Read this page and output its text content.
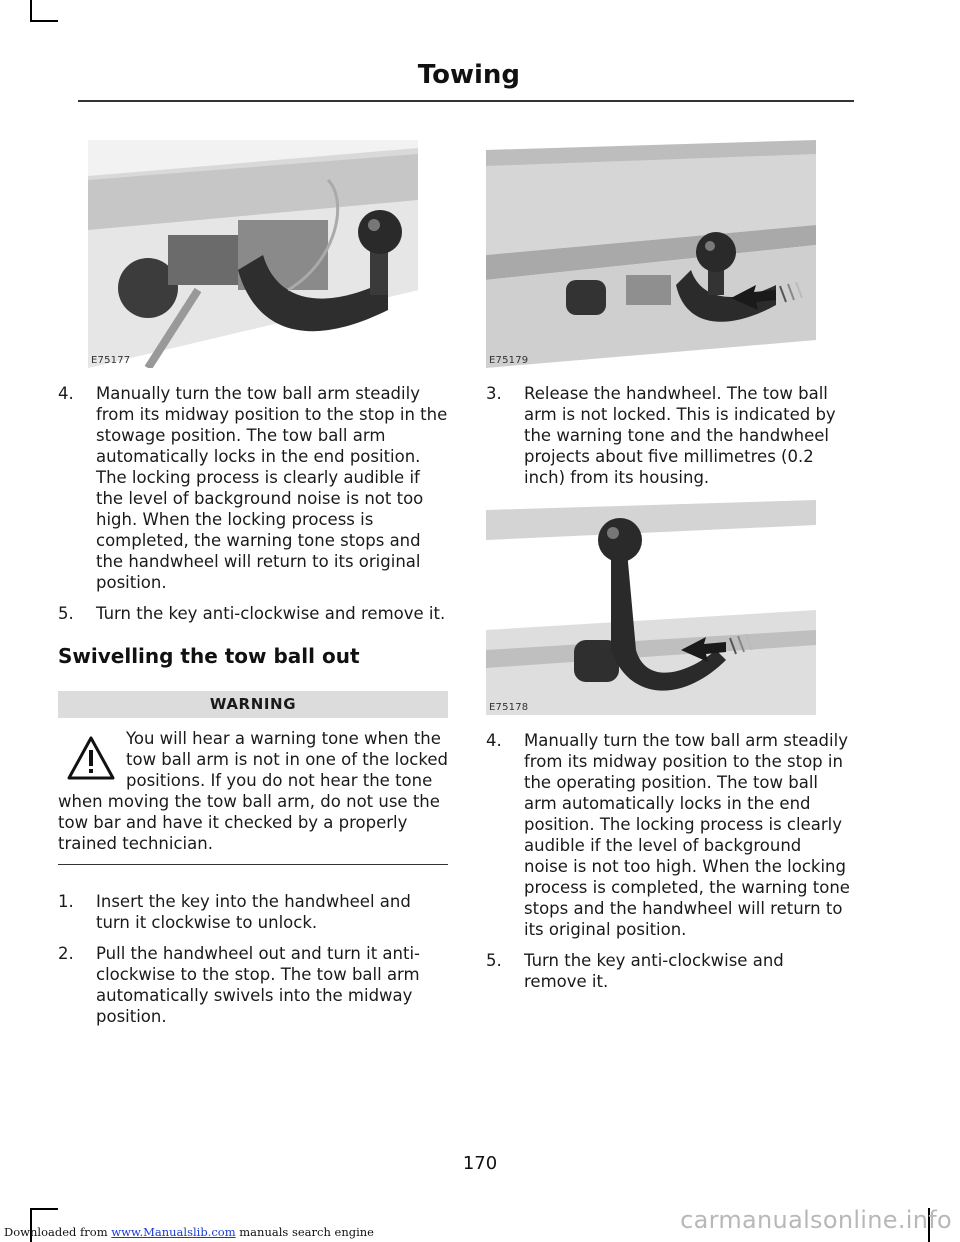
Towing
E75177	E75179
E75178
4. Manually turn the tow ball arm steadily from its midway position to the stop in the stowage position. The tow ball arm automatically locks in the end position. The locking process is clearly audible if the level of background noise is not too high. When the locking process is completed, the warning tone stops and the handwheel will return to its original position.
5. Turn the key anti-clockwise and remove it.
Swivelling the tow ball out
WARNING

You will hear a warning tone when the tow ball arm is not in one of the locked positions. If you do not hear the tone when moving the tow ball arm, do not use the tow bar and have it checked by a properly trained technician.

1. Insert the key into the handwheel and turn it clockwise to unlock.
2. Pull the handwheel out and turn it anti-clockwise to the stop. The tow ball arm automatically swivels into the midway position.
3. Release the handwheel. The tow ball arm is not locked. This is indicated by the warning tone and the handwheel projects about five millimetres (0.2 inch) from its housing.
4. Manually turn the tow ball arm steadily from its midway position to the stop in the operating position. The tow ball arm automatically locks in the end position. The locking process is clearly audible if the level of background noise is not too high. When the locking process is completed, the warning tone stops and the handwheel will return to its original position.
5. Turn the key anti-clockwise and remove it.
170
Downloaded from www.Manualslib.com manuals search engine	carmanualsonline.info
